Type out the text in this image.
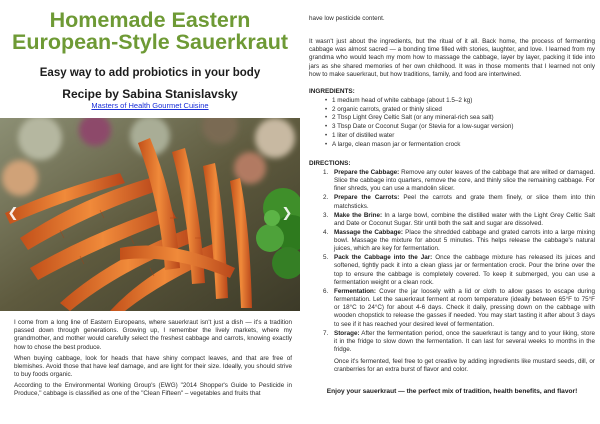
Homemade Eastern
European-Style Sauerkraut
Easy way to add probiotics in your body
Recipe by Sabina Stanislavsky
Masters of Health Gourmet Cuisine
❮	❯

I come from a long line of Eastern Europeans, where sauerkraut isn't just a dish — it's a tradition passed down through generations. Growing up, I remember the lively markets, where my grandmother, and mother would carefully select the freshest cabbage and carrots, knowing exactly how to chose the best produce.

When buying cabbage, look for heads that have shiny compact leaves, and that are free of blemishes. Avoid those that have leaf damage, and are light for their size. Ideally, you should strive to buy foods organic.

According to the Environmental Working Group's (EWG) "2014 Shopper's Guide to Pesticide in Produce," cabbage is classified as one of the "Clean Fifteen" – vegetables and fruits that

have low pesticide content.

It wasn't just about the ingredients, but the ritual of it all. Back home, the process of fermenting cabbage was almost sacred — a bonding time filled with stories, laughter, and love. I learned from my grandma who would teach my mom how to massage the cabbage, layer by layer, packing it tide into jars as she shared memories of her own childhood. It was in those moments that I learned not only how to make sauerkraut, but how traditions, family, and food are intertwined.

INGREDIENTS:
• 1 medium head of white cabbage (about 1.5–2 kg)
• 2 organic carrots, grated or thinly sliced
• 2 Tbsp Light Grey Celtic Salt (or any mineral-rich sea salt)
• 3 Tbsp Date or Coconut Sugar (or Stevia for a low-sugar version)
• 1 liter of distilled water
• A large, clean mason jar or fermentation crock
DIRECTIONS:
1. Prepare the Cabbage: Remove any outer leaves of the cabbage that are wilted or damaged. Slice the cabbage into quarters, remove the core, and thinly slice the remaining cabbage. For finer shreds, you can use a mandolin slicer.
2. Prepare the Carrots: Peel the carrots and grate them finely, or slice them into thin matchsticks.
3. Make the Brine: In a large bowl, combine the distilled water with the Light Grey Celtic Salt and Date or Coconut Sugar. Stir until both the salt and sugar are dissolved.
4. Massage the Cabbage: Place the shredded cabbage and grated carrots into a large mixing bowl. Massage the mixture for about 5 minutes. This helps release the cabbage's natural juices, which are key for fermentation.
5. Pack the Cabbage into the Jar: Once the cabbage mixture has released its juices and softened, tightly pack it into a clean glass jar or fermentation crock. Pour the brine over the top to ensure the cabbage is completely covered. To keep it submerged, you can use a fermentation weight or a clean rock.
6. Fermentation: Cover the jar loosely with a lid or cloth to allow gases to escape during fermentation. Let the sauerkraut ferment at room temperature (ideally between 65°F to 75°F or 18°C to 24°C) for about 4-6 days. Check it daily, pressing down on the cabbage with wooden chopstick to release the gasses if needed. You may start tasting it after about 3 days to see if it has reached your desired level of fermentation.
7. Storage: After the fermentation period, once the sauerkraut is tangy and to your liking, store it in the fridge to slow down the fermentation. It can last for several weeks to months in the fridge.

Once it's fermented, feel free to get creative by adding ingredients like mustard seeds, dill, or cranberries for an extra burst of flavor and color.

Enjoy your sauerkraut — the perfect mix of tradition, health benefits, and flavor!
